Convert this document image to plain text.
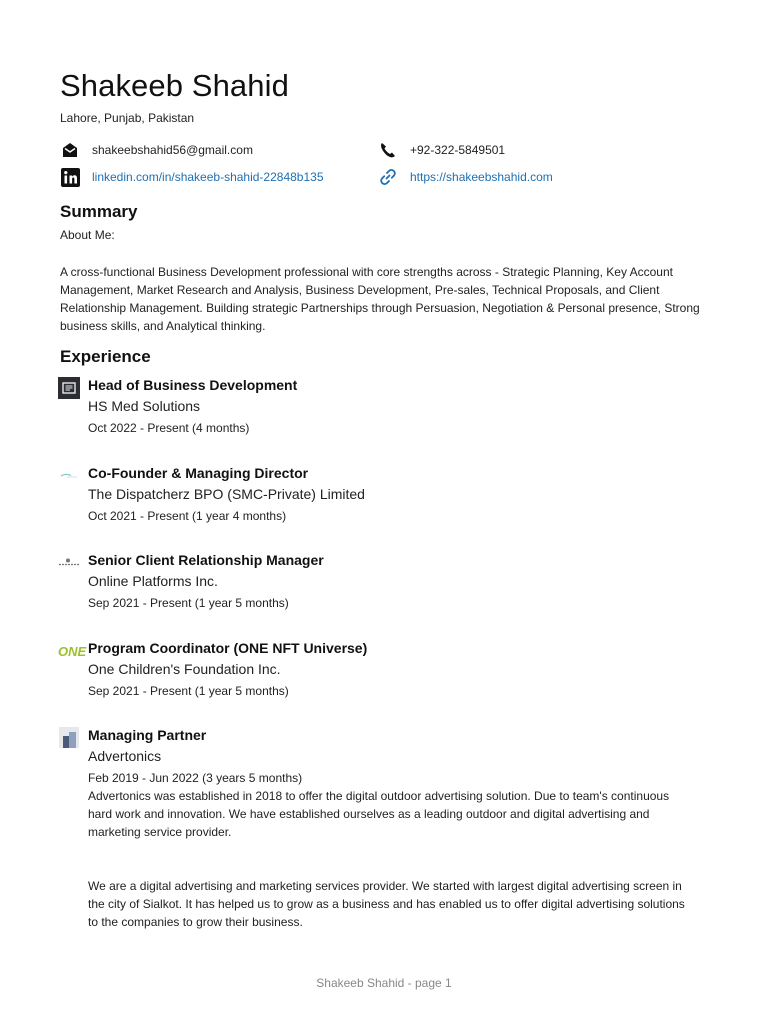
Shakeeb Shahid
Lahore, Punjab, Pakistan
shakeebshahid56@gmail.com	+92-322-5849501
linkedin.com/in/shakeeb-shahid-22848b135	https://shakeebshahid.com
Summary
About Me:
A cross-functional Business Development professional with core strengths across - Strategic Planning, Key Account Management, Market Research and Analysis, Business Development, Pre-sales, Technical Proposals, and Client Relationship Management. Building strategic Partnerships through Persuasion, Negotiation & Personal presence, Strong business skills, and Analytical thinking.
Experience
Head of Business Development
HS Med Solutions
Oct 2022 - Present (4 months)
Co-Founder & Managing Director
The Dispatcherz BPO (SMC-Private) Limited
Oct 2021 - Present (1 year 4 months)
Senior Client Relationship Manager
Online Platforms Inc.
Sep 2021 - Present (1 year 5 months)
ONE Program Coordinator (ONE NFT Universe)
One Children's Foundation Inc.
Sep 2021 - Present (1 year 5 months)
Managing Partner
Advertonics
Feb 2019 - Jun 2022 (3 years 5 months)
Advertonics was established in 2018 to offer the digital outdoor advertising solution. Due to team's continuous hard work and innovation. We have established ourselves as a leading outdoor and digital advertising and marketing service provider.
We are a digital advertising and marketing services provider. We started with largest digital advertising screen in the city of Sialkot. It has helped us to grow as a business and has enabled us to offer digital advertising solutions to the companies to grow their business.
Shakeeb Shahid - page 1
